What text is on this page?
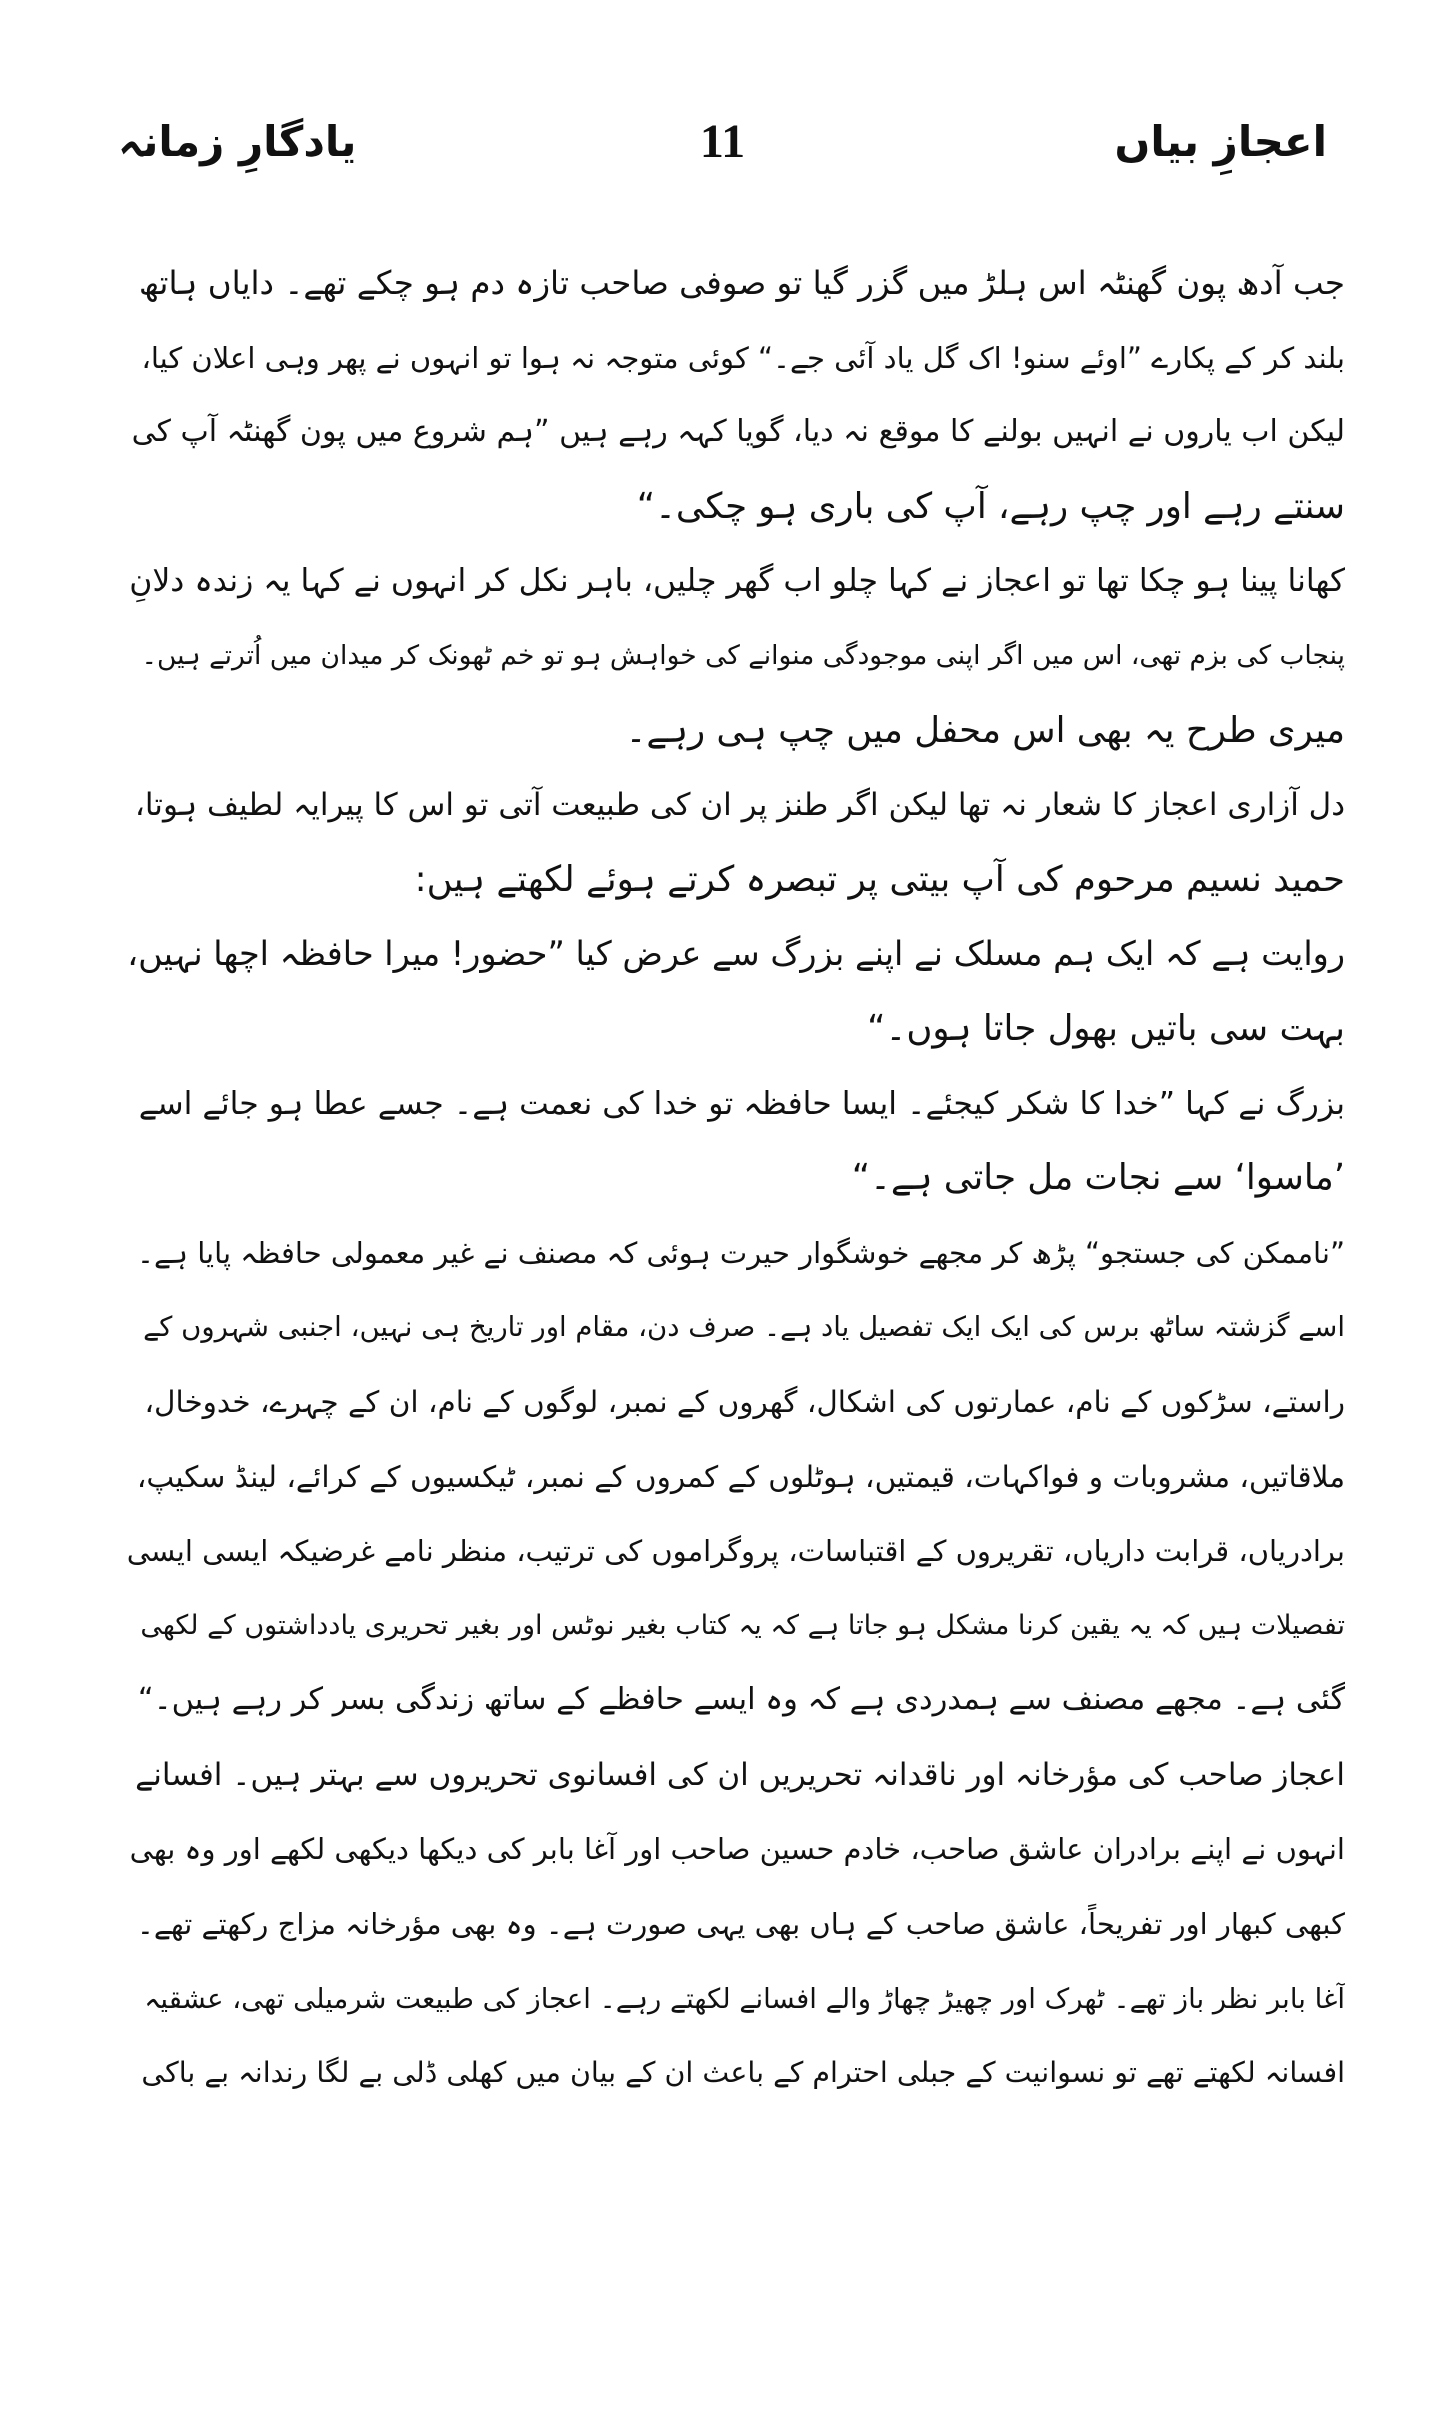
اعجازِ بیاں
11
یادگارِ زمانہ

جب آدھ پون گھنٹہ اس ہلڑ میں گزر گیا تو صوفی صاحب تازہ دم ہو چکے تھے۔ دایاں ہاتھ

بلند کر کے پکارے ”اوئے سنو! اک گل یاد آئی جے۔“ کوئی متوجہ نہ ہوا تو انہوں نے پھر وہی اعلان کیا،

لیکن اب یاروں نے انہیں بولنے کا موقع نہ دیا، گویا کہہ رہے ہیں ”ہم شروع میں پون گھنٹہ آپ کی

سنتے رہے اور چپ رہے، آپ کی باری ہو چکی۔“

کھانا پینا ہو چکا تھا تو اعجاز نے کہا چلو اب گھر چلیں، باہر نکل کر انہوں نے کہا یہ زندہ دلانِ

پنجاب کی بزم تھی، اس میں اگر اپنی موجودگی منوانے کی خواہش ہو تو خم ٹھونک کر میدان میں اُترتے ہیں۔

میری طرح یہ بھی اس محفل میں چپ ہی رہے۔

دل آزاری اعجاز کا شعار نہ تھا لیکن اگر طنز پر ان کی طبیعت آتی تو اس کا پیرایہ لطیف ہوتا،

حمید نسیم مرحوم کی آپ بیتی پر تبصرہ کرتے ہوئے لکھتے ہیں:

روایت ہے کہ ایک ہم مسلک نے اپنے بزرگ سے عرض کیا ”حضور! میرا حافظہ اچھا نہیں،

بہت سی باتیں بھول جاتا ہوں۔“

بزرگ نے کہا ”خدا کا شکر کیجئے۔ ایسا حافظہ تو خدا کی نعمت ہے۔ جسے عطا ہو جائے اسے

’ماسوا‘ سے نجات مل جاتی ہے۔“

”ناممکن کی جستجو“ پڑھ کر مجھے خوشگوار حیرت ہوئی کہ مصنف نے غیر معمولی حافظہ پایا ہے۔

اسے گزشتہ ساٹھ برس کی ایک ایک تفصیل یاد ہے۔ صرف دن، مقام اور تاریخ ہی نہیں، اجنبی شہروں کے

راستے، سڑکوں کے نام، عمارتوں کی اشکال، گھروں کے نمبر، لوگوں کے نام، ان کے چہرے، خدوخال،

ملاقاتیں، مشروبات و فواکہات، قیمتیں، ہوٹلوں کے کمروں کے نمبر، ٹیکسیوں کے کرائے، لینڈ سکیپ،

برادریاں، قرابت داریاں، تقریروں کے اقتباسات، پروگراموں کی ترتیب، منظر نامے غرضیکہ ایسی ایسی

تفصیلات ہیں کہ یہ یقین کرنا مشکل ہو جاتا ہے کہ یہ کتاب بغیر نوٹس اور بغیر تحریری یادداشتوں کے لکھی

گئی ہے۔ مجھے مصنف سے ہمدردی ہے کہ وہ ایسے حافظے کے ساتھ زندگی بسر کر رہے ہیں۔“

اعجاز صاحب کی مؤرخانہ اور ناقدانہ تحریریں ان کی افسانوی تحریروں سے بہتر ہیں۔ افسانے

انہوں نے اپنے برادران عاشق صاحب، خادم حسین صاحب اور آغا بابر کی دیکھا دیکھی لکھے اور وہ بھی

کبھی کبھار اور تفریحاً، عاشق صاحب کے ہاں بھی یہی صورت ہے۔ وہ بھی مؤرخانہ مزاج رکھتے تھے۔

آغا بابر نظر باز تھے۔ ٹھرک اور چھیڑ چھاڑ والے افسانے لکھتے رہے۔ اعجاز کی طبیعت شرمیلی تھی، عشقیہ

افسانہ لکھتے تھے تو نسوانیت کے جبلی احترام کے باعث ان کے بیان میں کھلی ڈلی بے لگا رندانہ بے باکی
